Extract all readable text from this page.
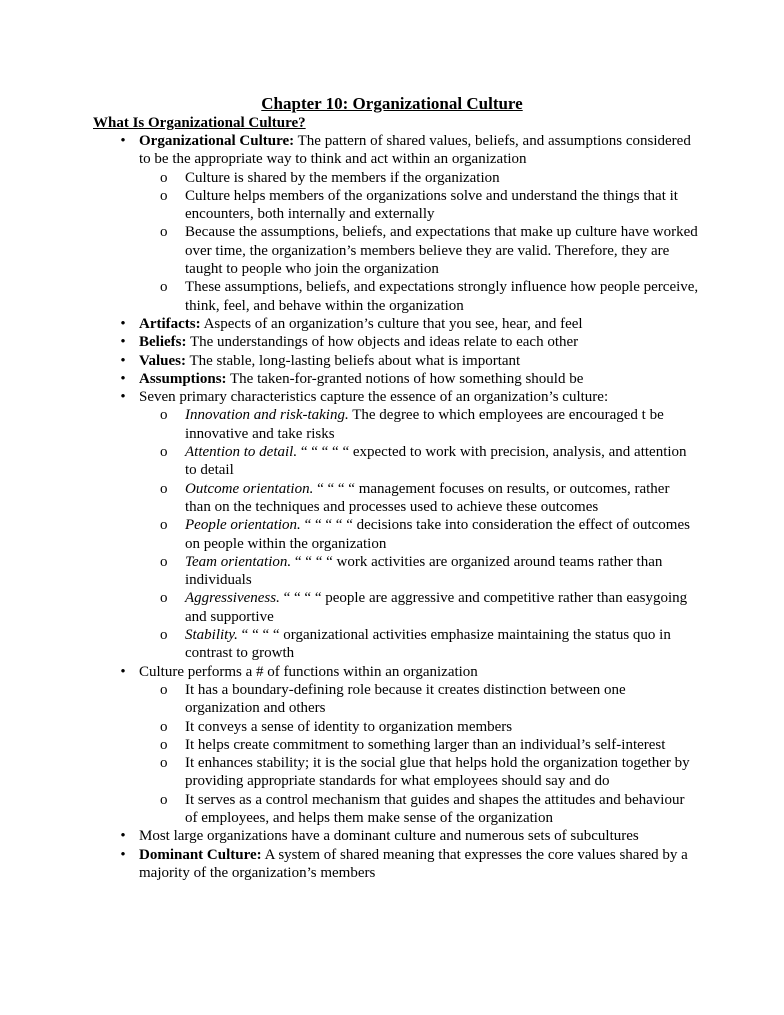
Chapter 10: Organizational Culture
What Is Organizational Culture?
• Organizational Culture: The pattern of shared values, beliefs, and assumptions considered to be the appropriate way to think and act within an organization
o Culture is shared by the members if the organization
o Culture helps members of the organizations solve and understand the things that it encounters, both internally and externally
o Because the assumptions, beliefs, and expectations that make up culture have worked over time, the organization’s members believe they are valid. Therefore, they are taught to people who join the organization
o These assumptions, beliefs, and expectations strongly influence how people perceive, think, feel, and behave within the organization
• Artifacts: Aspects of an organization’s culture that you see, hear, and feel
• Beliefs: The understandings of how objects and ideas relate to each other
• Values: The stable, long-lasting beliefs about what is important
• Assumptions: The taken-for-granted notions of how something should be
• Seven primary characteristics capture the essence of an organization’s culture:
o Innovation and risk-taking. The degree to which employees are encouraged t be innovative and take risks
o Attention to detail. “ “ “ “ “ expected to work with precision, analysis, and attention to detail
o Outcome orientation. “ “ “ “ management focuses on results, or outcomes, rather than on the techniques and processes used to achieve these outcomes
o People orientation. “ “ “ “ “ decisions take into consideration the effect of outcomes on people within the organization
o Team orientation. “ “ “ “ work activities are organized around teams rather than individuals
o Aggressiveness. “ “ “ “ people are aggressive and competitive rather than easygoing and supportive
o Stability. “ “ “ “ organizational activities emphasize maintaining the status quo in contrast to growth
• Culture performs a # of functions within an organization
o It has a boundary-defining role because it creates distinction between one organization and others
o It conveys a sense of identity to organization members
o It helps create commitment to something larger than an individual’s self-interest
o It enhances stability; it is the social glue that helps hold the organization together by providing appropriate standards for what employees should say and do
o It serves as a control mechanism that guides and shapes the attitudes and behaviour of employees, and helps them make sense of the organization
• Most large organizations have a dominant culture and numerous sets of subcultures
• Dominant Culture: A system of shared meaning that expresses the core values shared by a majority of the organization’s members
